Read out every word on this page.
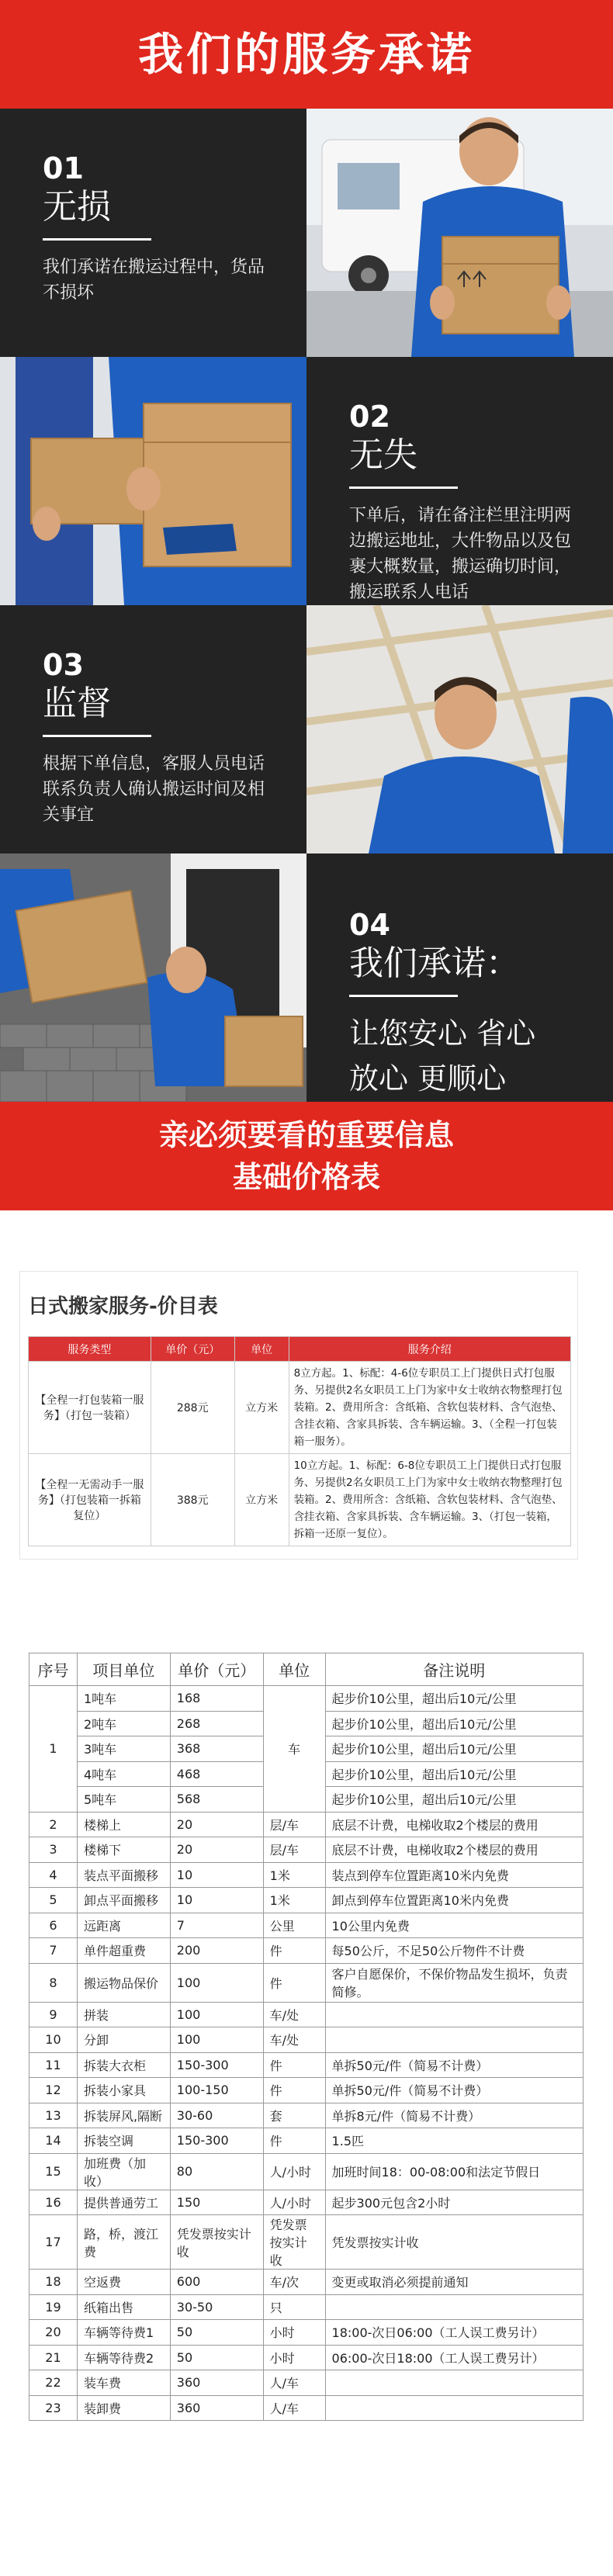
我们的服务承诺
01
无损
我们承诺在搬运过程中，货品不损坏
02
无失
下单后，请在备注栏里注明两边搬运地址，大件物品以及包裹大概数量，搬运确切时间，搬运联系人电话
03
监督
根据下单信息，客服人员电话联系负责人确认搬运时间及相关事宜
04
我们承诺：
让您安心 省心
放心 更顺心
亲必须要看的重要信息
基础价格表
日式搬家服务-价目表
服务类型	单价（元）	单位	服务介绍
【全程一打包装箱一服务】（打包一装箱）	288元	立方米	8立方起。1、标配：4-6位专职员工上门提供日式打包服务、另提供2名女职员工上门为家中女士收纳衣物整理打包装箱。2、费用所含：含纸箱、含软包装材料、含气泡垫、含挂衣箱、含家具拆装、含车辆运输。3、（全程一打包装箱一服务）。
【全程一无需动手一服务】（打包装箱一拆箱复位）	388元	立方米	10立方起。1、标配：6-8位专职员工上门提供日式打包服务、另提供2名女职员工上门为家中女士收纳衣物整理打包装箱。2、费用所含：含纸箱、含软包装材料、含气泡垫、含挂衣箱、含家具拆装、含车辆运输。3、（打包一装箱，拆箱一还原一复位）。
序号	项目单位	单价（元）	单位	备注说明
1	1吨车	168	车	起步价10公里，超出后10元/公里
	2吨车	268		起步价10公里，超出后10元/公里
	3吨车	368		起步价10公里，超出后10元/公里
	4吨车	468		起步价10公里，超出后10元/公里
	5吨车	568		起步价10公里，超出后10元/公里
2	楼梯上	20	层/车	底层不计费，电梯收取2个楼层的费用
3	楼梯下	20	层/车	底层不计费，电梯收取2个楼层的费用
4	装点平面搬移	10	1米	装点到停车位置距离10米内免费
5	卸点平面搬移	10	1米	卸点到停车位置距离10米内免费
6	远距离	7	公里	10公里内免费
7	单件超重费	200	件	每50公斤，不足50公斤物件不计费
8	搬运物品保价	100	件	客户自愿保价，不保价物品发生损坏，负责简修。
9	拼装	100	车/处	
10	分卸	100	车/处	
11	拆装大衣柜	150-300	件	单拆50元/件（简易不计费）
12	拆装小家具	100-150	件	单拆50元/件（简易不计费）
13	拆装屏风,隔断	30-60	套	单拆8元/件（简易不计费）
14	拆装空调	150-300	件	1.5匹
15	加班费（加收）	80	人/小时	加班时间18：00-08:00和法定节假日
16	提供普通劳工	150	人/小时	起步300元包含2小时
17	路，桥，渡江费	凭发票按实计收	凭发票按实计收	凭发票按实计收
18	空返费	600	车/次	变更或取消必须提前通知
19	纸箱出售	30-50	只	
20	车辆等待费1	50	小时	18:00-次日06:00（工人误工费另计）
21	车辆等待费2	50	小时	06:00-次日18:00（工人误工费另计）
22	装车费	360	人/车	
23	装卸费	360	人/车	
